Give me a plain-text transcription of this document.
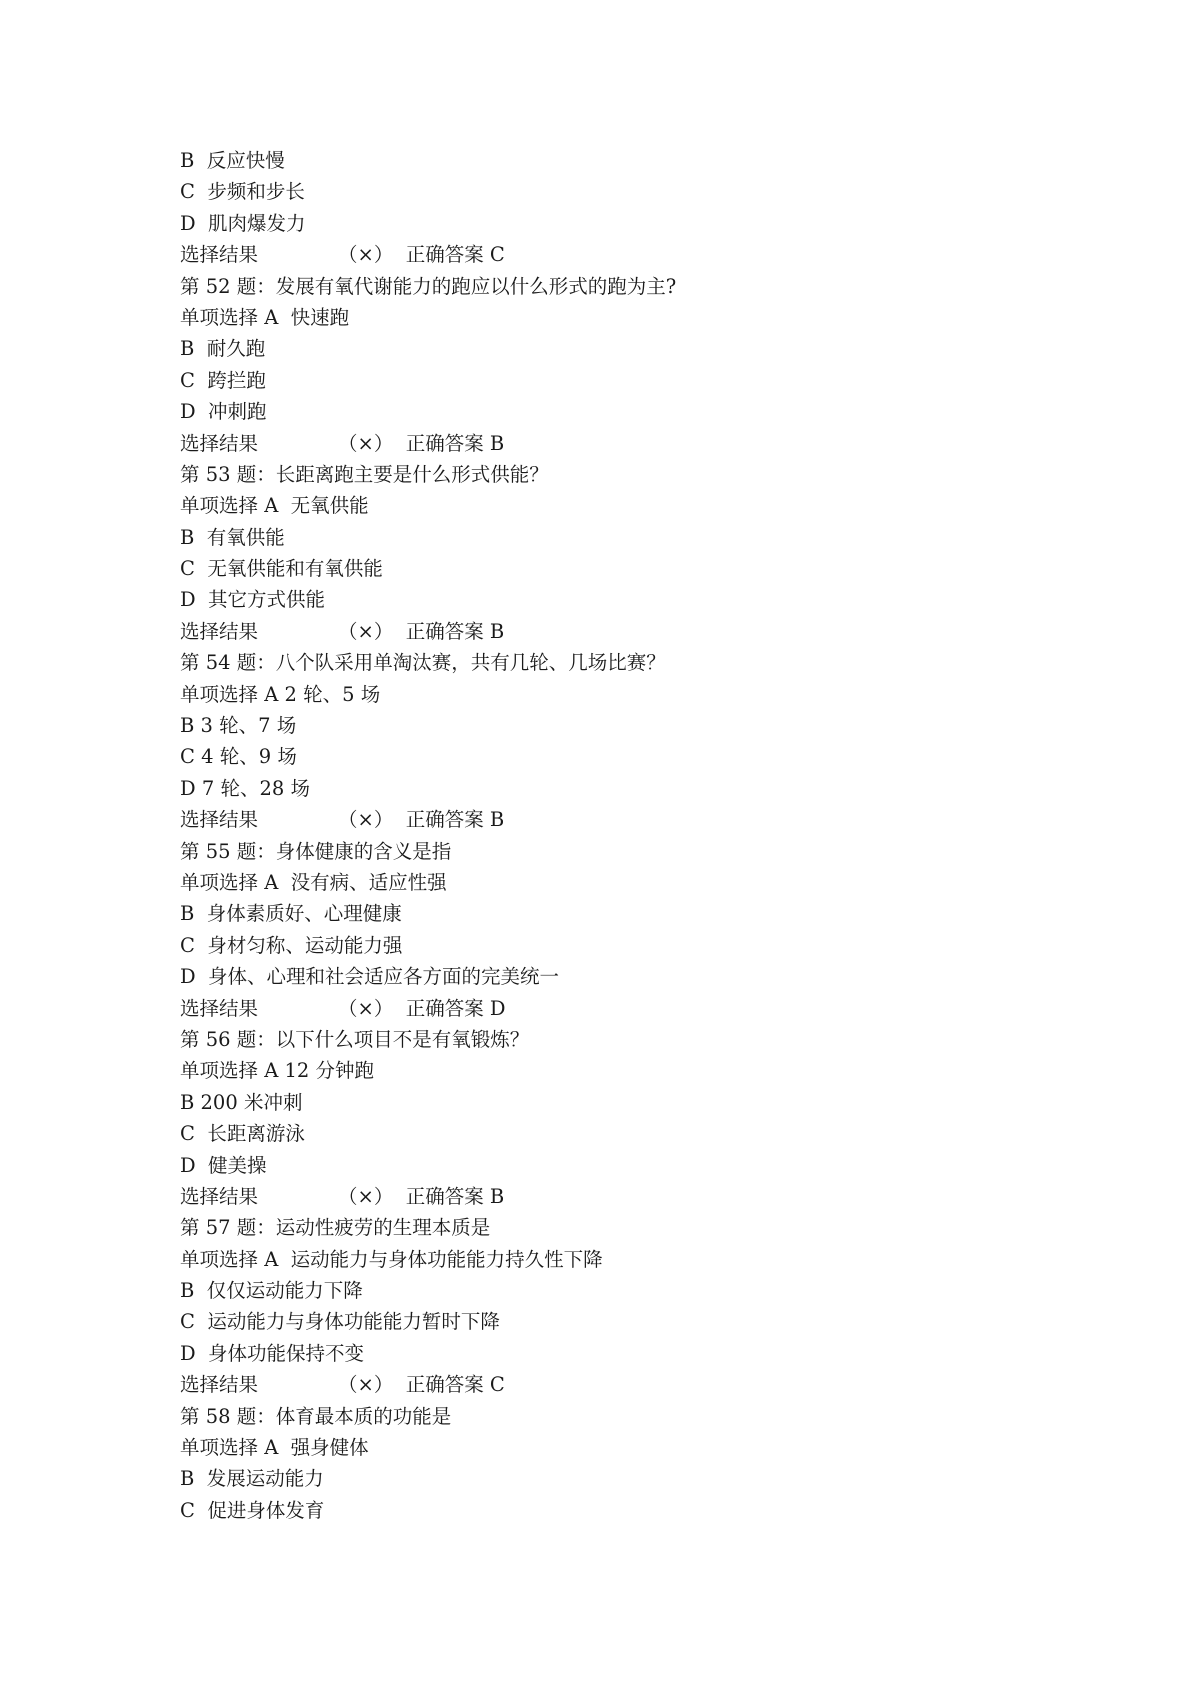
B  反应快慢
C  步频和步长
D  肌肉爆发力
选择结果	（×）  正确答案 C
第 52 题：发展有氧代谢能力的跑应以什么形式的跑为主?
单项选择 A  快速跑
B  耐久跑
C  跨拦跑
D  冲刺跑
选择结果	（×）  正确答案 B
第 53 题：长距离跑主要是什么形式供能？
单项选择 A  无氧供能
B  有氧供能
C  无氧供能和有氧供能
D  其它方式供能
选择结果	（×）  正确答案 B
第 54 题：八个队采用单淘汰赛，共有几轮、几场比赛？
单项选择 A 2 轮、5 场
B 3 轮、7 场
C 4 轮、9 场
D 7 轮、28 场
选择结果	（×）  正确答案 B
第 55 题：身体健康的含义是指
单项选择 A  没有病、适应性强
B  身体素质好、心理健康
C  身材匀称、运动能力强
D  身体、心理和社会适应各方面的完美统一
选择结果	（×）  正确答案 D
第 56 题：以下什么项目不是有氧锻炼？
单项选择 A 12 分钟跑
B 200 米冲刺
C  长距离游泳
D  健美操
选择结果	（×）  正确答案 B
第 57 题：运动性疲劳的生理本质是
单项选择 A  运动能力与身体功能能力持久性下降
B  仅仅运动能力下降
C  运动能力与身体功能能力暂时下降
D  身体功能保持不变
选择结果	（×）  正确答案 C
第 58 题：体育最本质的功能是
单项选择 A  强身健体
B  发展运动能力
C  促进身体发育
